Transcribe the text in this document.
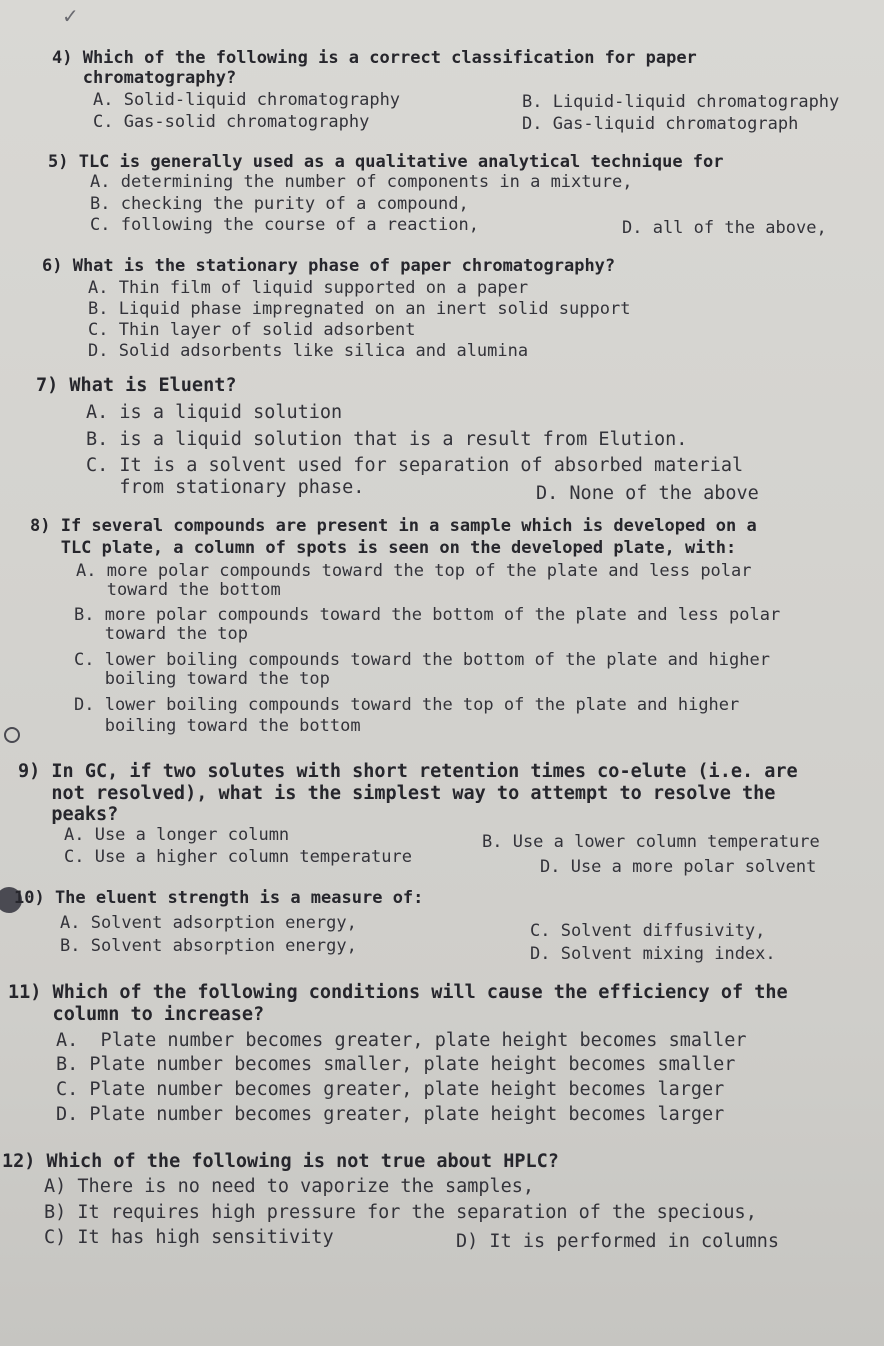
✓
4) Which of the following is a correct classification for paper
chromatography?
A. Solid-liquid chromatography	B. Liquid-liquid chromatography
C. Gas-solid chromatography	D. Gas-liquid chromatograph
5) TLC is generally used as a qualitative analytical technique for
A. determining the number of components in a mixture,
B. checking the purity of a compound,
C. following the course of a reaction,	D. all of the above,
6) What is the stationary phase of paper chromatography?
A. Thin film of liquid supported on a paper
B. Liquid phase impregnated on an inert solid support
C. Thin layer of solid adsorbent
D. Solid adsorbents like silica and alumina
7) What is Eluent?
A. is a liquid solution
B. is a liquid solution that is a result from Elution.
C. It is a solvent used for separation of absorbed material
from stationary phase.	D. None of the above
8) If several compounds are present in a sample which is developed on a
TLC plate, a column of spots is seen on the developed plate, with:
A. more polar compounds toward the top of the plate and less polar
toward the bottom
B. more polar compounds toward the bottom of the plate and less polar
toward the top
C. lower boiling compounds toward the bottom of the plate and higher
boiling toward the top
D. lower boiling compounds toward the top of the plate and higher
boiling toward the bottom
9) In GC, if two solutes with short retention times co-elute (i.e. are
not resolved), what is the simplest way to attempt to resolve the
peaks?
A. Use a longer column	B. Use a lower column temperature
C. Use a higher column temperature	D. Use a more polar solvent
10) The eluent strength is a measure of:
A. Solvent adsorption energy,	C. Solvent diffusivity,
B. Solvent absorption energy,	D. Solvent mixing index.
11) Which of the following conditions will cause the efficiency of the
column to increase?
A.  Plate number becomes greater, plate height becomes smaller
B. Plate number becomes smaller, plate height becomes smaller
C. Plate number becomes greater, plate height becomes larger
D. Plate number becomes greater, plate height becomes larger
12) Which of the following is not true about HPLC?
A) There is no need to vaporize the samples,
B) It requires high pressure for the separation of the specious,
C) It has high sensitivity	D) It is performed in columns
